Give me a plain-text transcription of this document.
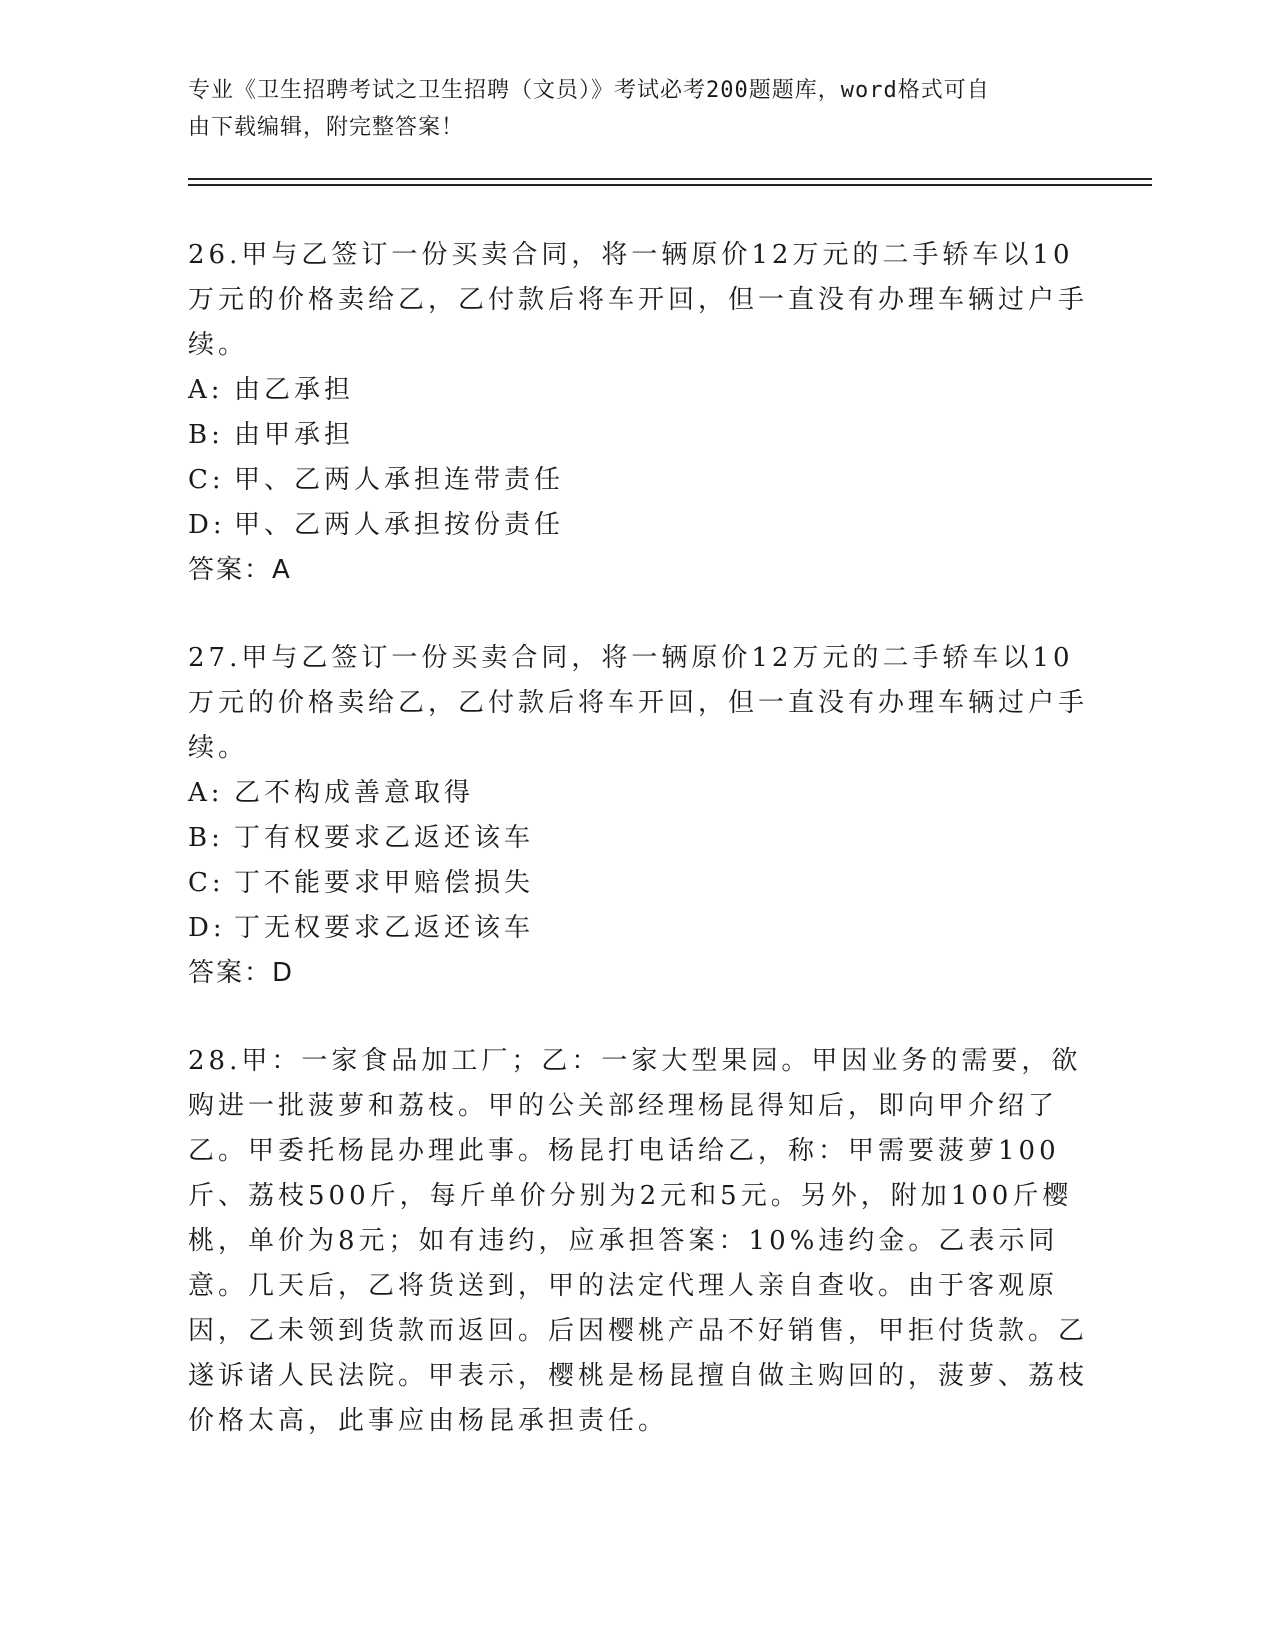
专业《卫生招聘考试之卫生招聘（文员）》考试必考200题题库，word格式可自
由下载编辑，附完整答案！

26.甲与乙签订一份买卖合同，将一辆原价12万元的二手轿车以10万元的价格卖给乙，乙付款后将车开回，但一直没有办理车辆过户手续。

A: 由乙承担

B: 由甲承担

C: 甲、乙两人承担连带责任

D: 甲、乙两人承担按份责任

答案：A

27.甲与乙签订一份买卖合同，将一辆原价12万元的二手轿车以10万元的价格卖给乙，乙付款后将车开回，但一直没有办理车辆过户手续。

A: 乙不构成善意取得

B: 丁有权要求乙返还该车

C: 丁不能要求甲赔偿损失

D: 丁无权要求乙返还该车

答案：D

28.甲：一家食品加工厂；乙：一家大型果园。甲因业务的需要，欲购进一批菠萝和荔枝。甲的公关部经理杨昆得知后，即向甲介绍了乙。甲委托杨昆办理此事。杨昆打电话给乙，称：甲需要菠萝100斤、荔枝500斤，每斤单价分别为2元和5元。另外，附加100斤樱桃，单价为8元；如有违约，应承担答案：10%违约金。乙表示同意。几天后，乙将货送到，甲的法定代理人亲自查收。由于客观原因，乙未领到货款而返回。后因樱桃产品不好销售，甲拒付货款。乙遂诉诸人民法院。甲表示，樱桃是杨昆擅自做主购回的，菠萝、荔枝价格太高，此事应由杨昆承担责任。
